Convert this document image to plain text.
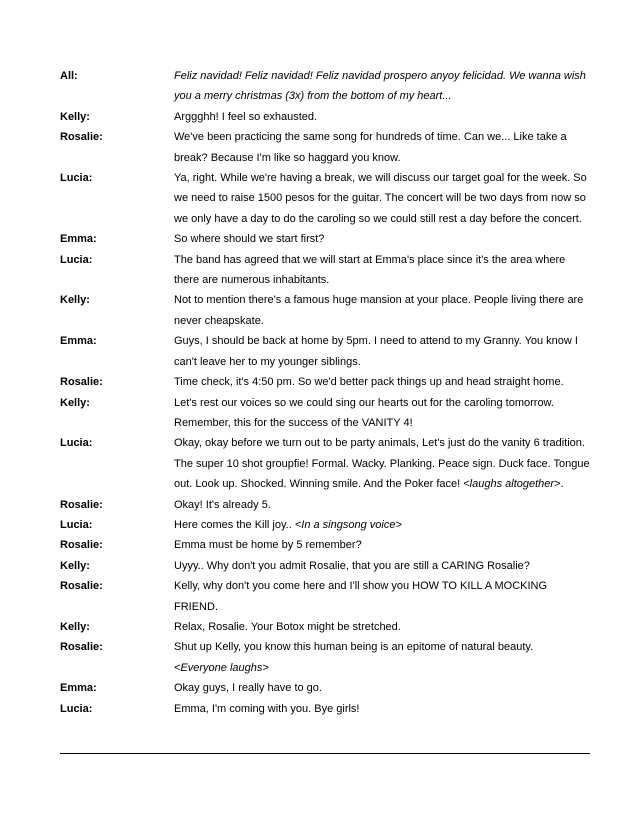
All:	Feliz navidad! Feliz navidad! Feliz navidad prospero anyoy felicidad. We wanna wish you a merry christmas (3x) from the bottom of my heart...
Kelly:	Arggghh! I feel so exhausted.
Rosalie:	We've been practicing the same song for hundreds of time. Can we... Like take a break? Because I'm like so haggard you know.
Lucia:	Ya, right. While we're having a break, we will discuss our target goal for the week. So we need to raise 1500 pesos for the guitar. The concert will be two days from now so we only have a day to do the caroling so we could still rest a day before the concert.
Emma:	So where should we start first?
Lucia:	The band has agreed that we will start at Emma's place since it's the area where there are numerous inhabitants.
Kelly:	Not to mention there's a famous huge mansion at your place. People living there are never cheapskate.
Emma:	Guys, I should be back at home by 5pm. I need to attend to my Granny. You know I can't leave her to my younger siblings.
Rosalie:	Time check, it's 4:50 pm. So we'd better pack things up and head straight home.
Kelly:	Let's rest our voices so we could sing our hearts out for the caroling tomorrow. Remember, this for the success of the VANITY 4!
Lucia:	Okay, okay before we turn out to be party animals, Let's just do the vanity 6 tradition. The super 10 shot groupfie! Formal. Wacky. Planking. Peace sign. Duck face. Tongue out. Look up. Shocked. Winning smile. And the Poker face! <laughs altogether>.
Rosalie:	Okay! It's already 5.
Lucia:	Here comes the Kill joy.. <In a singsong voice>
Rosalie:	Emma must be home by 5 remember?
Kelly:	Uyyy.. Why don't you admit Rosalie, that you are still a CARING Rosalie?
Rosalie:	Kelly, why don't you come here and I'll show you HOW TO KILL A MOCKING FRIEND.
Kelly:	Relax, Rosalie. Your Botox might be stretched.
Rosalie:	Shut up Kelly, you know this human being is an epitome of natural beauty.
<Everyone laughs>
Emma:	Okay guys, I really have to go.
Lucia:	Emma, I'm coming with you. Bye girls!
